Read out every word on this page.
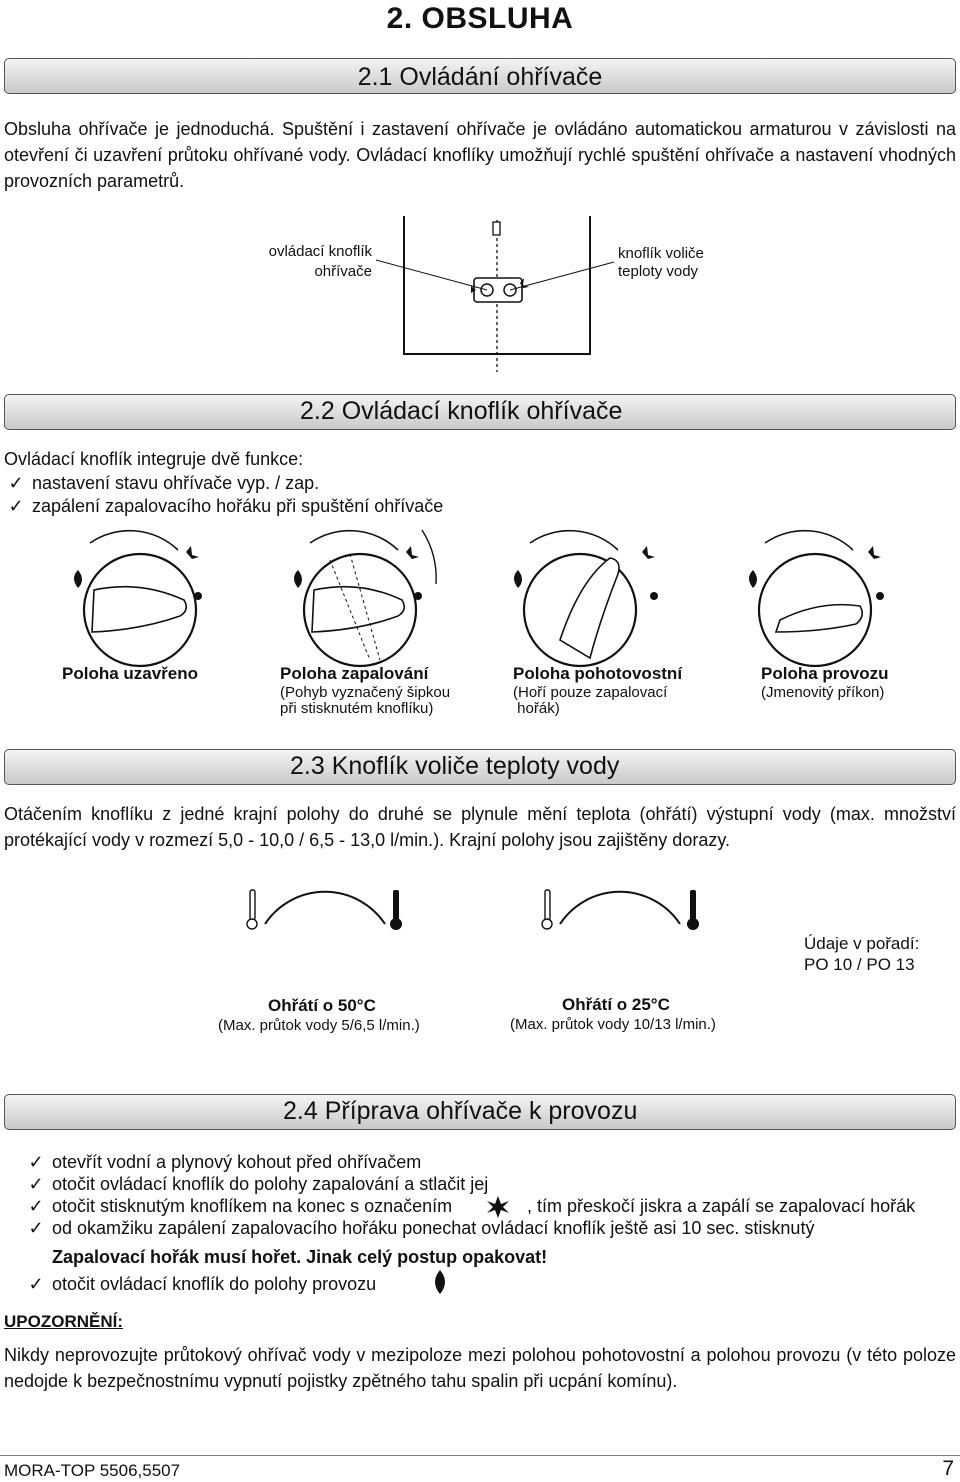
2. OBSLUHA
2.1 Ovládání ohřívače
Obsluha ohřívače je jednoduchá. Spuštění i zastavení ohřívače je ovládáno automatickou armaturou v závislosti na otevření či uzavření průtoku ohřívané vody. Ovládací knoflíky umožňují rychlé spuštění ohřívače a nastavení vhodných provozních parametrů.
ovládací knoflík
ohřívače
knoflík voliče
teploty vody
2.2 Ovládací knoflík ohřívače
Ovládací knoflík integruje dvě funkce:
✓ nastavení stavu ohřívače vyp. / zap.
✓ zapálení zapalovacího hořáku při spuštění ohřívače
Poloha uzavřeno	Poloha zapalování
(Pohyb vyznačený šipkou
při stisknutém knoflíku)
Poloha pohotovostní
(Hoří pouze zapalovací
hořák)
Poloha provozu
(Jmenovitý příkon)
2.3 Knoflík voliče teploty vody
Otáčením knoflíku z jedné krajní polohy do druhé se plynule mění teplota (ohřátí) výstupní vody (max. množství protékající vody v rozmezí 5,0 - 10,0 / 6,5 - 13,0 l/min.). Krajní polohy jsou zajištěny dorazy.
Údaje v pořadí:
PO 10 / PO 13
Ohřátí o 50°C
(Max. průtok vody 5/6,5 l/min.)
Ohřátí o 25°C
(Max. průtok vody 10/13 l/min.)
2.4 Příprava ohřívače k provozu
✓ otevřít vodní a plynový kohout před ohřívačem
✓ otočit ovládací knoflík do polohy zapalování a stlačit jej
✓ otočit stisknutým knoflíkem na konec s označením	, tím přeskočí jiskra a zapálí se zapalovací hořák
✓ od okamžiku zapálení zapalovacího hořáku ponechat ovládací knoflík ještě asi 10 sec. stisknutý
Zapalovací hořák musí hořet. Jinak celý postup opakovat!
✓ otočit ovládací knoflík do polohy provozu
UPOZORNĚNÍ:
Nikdy neprovozujte průtokový ohřívač vody v mezipoloze mezi polohou pohotovostní a polohou provozu (v této poloze nedojde k bezpečnostnímu vypnutí pojistky zpětného tahu spalin při ucpání komínu).
MORA-TOP 5506,5507	7
